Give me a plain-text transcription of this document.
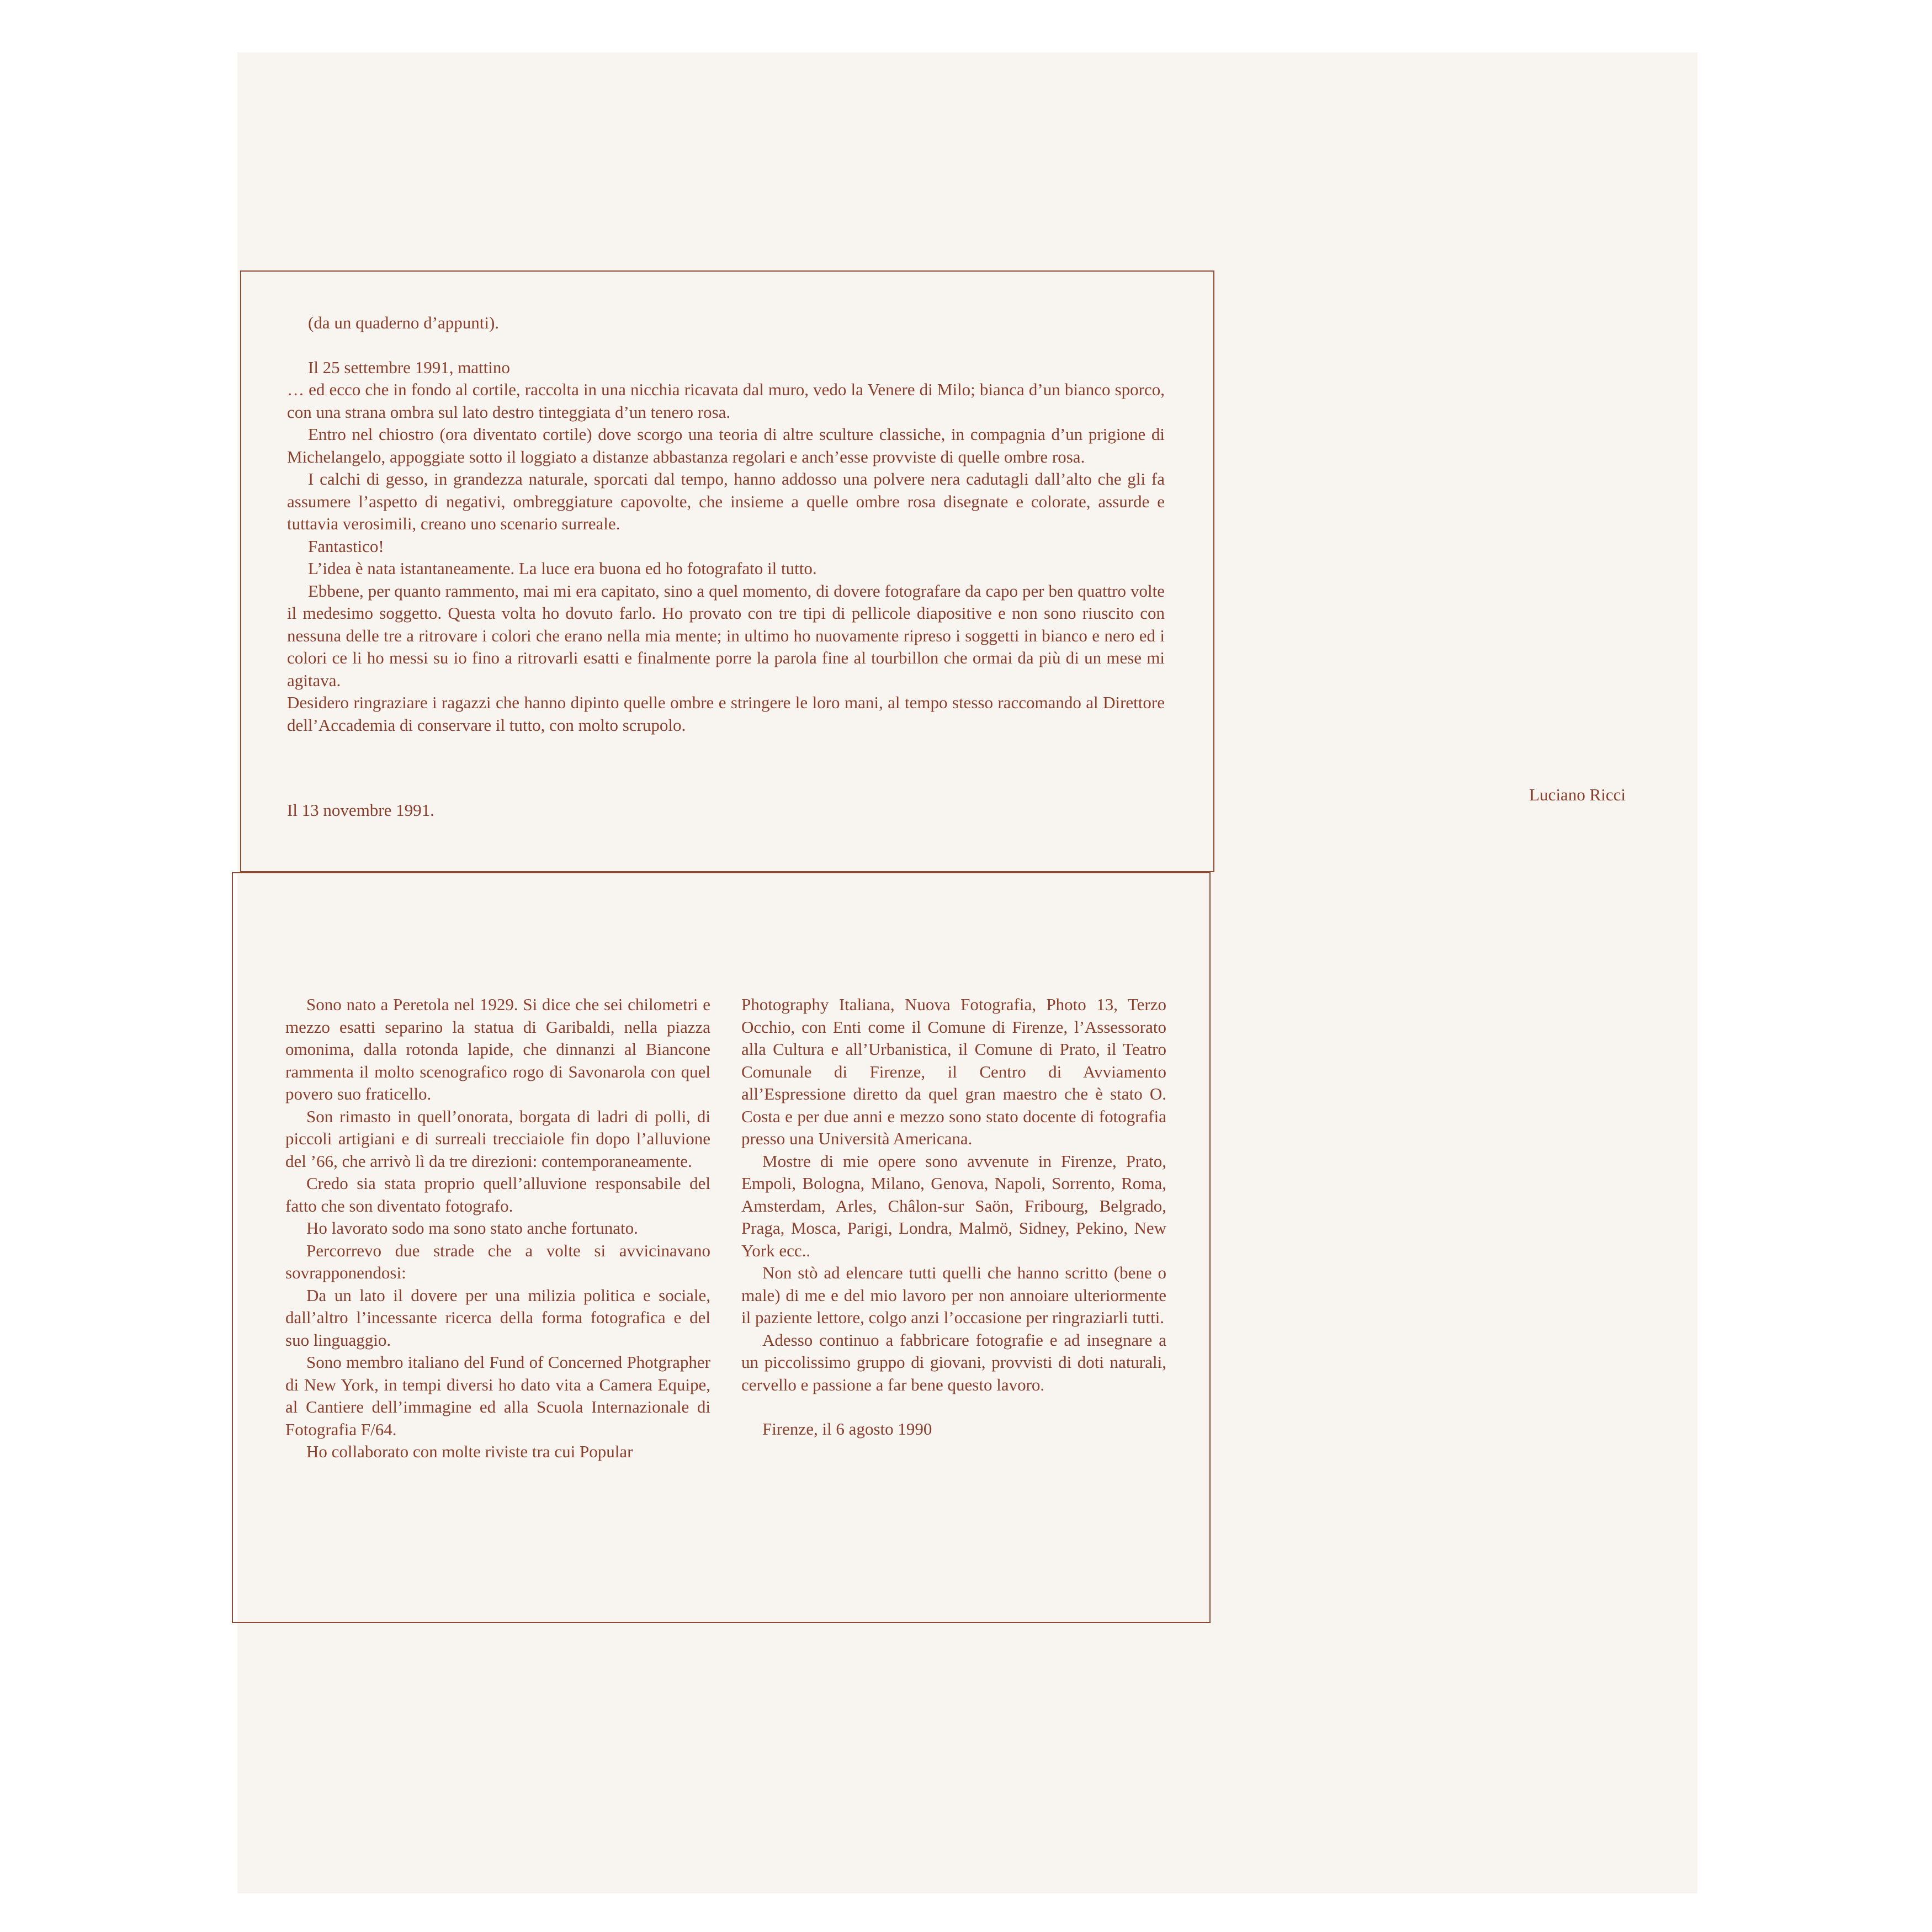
(da un quaderno d’appunti).

Il 25 settembre 1991, mattino

… ed ecco che in fondo al cortile, raccolta in una nicchia ricavata dal muro, vedo la Venere di Milo; bianca d’un bianco sporco, con una strana ombra sul lato destro tinteggiata d’un tenero rosa.

Entro nel chiostro (ora diventato cortile) dove scorgo una teoria di altre sculture classiche, in compagnia d’un prigione di Michelangelo, appoggiate sotto il loggiato a distanze abbastanza regolari e anch’esse provviste di quelle ombre rosa.

I calchi di gesso, in grandezza naturale, sporcati dal tempo, hanno addosso una polvere nera cadutagli dall’alto che gli fa assumere l’aspetto di negativi, ombreggiature capovolte, che insieme a quelle ombre rosa disegnate e colorate, assurde e tuttavia verosimili, creano uno scenario surreale.

Fantastico!

L’idea è nata istantaneamente. La luce era buona ed ho fotografato il tutto.

Ebbene, per quanto rammento, mai mi era capitato, sino a quel momento, di dovere fotografare da capo per ben quattro volte il medesimo soggetto. Questa volta ho dovuto farlo. Ho provato con tre tipi di pellicole diapositive e non sono riuscito con nessuna delle tre a ritrovare i colori che erano nella mia mente; in ultimo ho nuovamente ripreso i soggetti in bianco e nero ed i colori ce li ho messi su io fino a ritrovarli esatti e finalmente porre la parola fine al tourbillon che ormai da più di un mese mi agitava.

Desidero ringraziare i ragazzi che hanno dipinto quelle ombre e stringere le loro mani, al tempo stesso raccomando al Direttore dell’Accademia di conservare il tutto, con molto scrupolo.

Luciano Ricci
Il 13 novembre 1991.

Sono nato a Peretola nel 1929. Si dice che sei chilometri e mezzo esatti separino la statua di Garibaldi, nella piazza omonima, dalla rotonda lapide, che dinnanzi al Biancone rammenta il molto scenografico rogo di Savonarola con quel povero suo fraticello.

Son rimasto in quell’onorata, borgata di ladri di polli, di piccoli artigiani e di surreali trecciaiole fin dopo l’alluvione del ’66, che arrivò lì da tre direzioni: contemporaneamente.

Credo sia stata proprio quell’alluvione responsabile del fatto che son diventato fotografo.

Ho lavorato sodo ma sono stato anche fortunato.

Percorrevo due strade che a volte si avvicinavano sovrapponendosi:

Da un lato il dovere per una milizia politica e sociale, dall’altro l’incessante ricerca della forma fotografica e del suo linguaggio.

Sono membro italiano del Fund of Concerned Photgrapher di New York, in tempi diversi ho dato vita a Camera Equipe, al Cantiere dell’immagine ed alla Scuola Internazionale di Fotografia F/64.

Ho collaborato con molte riviste tra cui Popular

Photography Italiana, Nuova Fotografia, Photo 13, Terzo Occhio, con Enti come il Comune di Firenze, l’Assessorato alla Cultura e all’Urbanistica, il Comune di Prato, il Teatro Comunale di Firenze, il Centro di Avviamento all’Espressione diretto da quel gran maestro che è stato O. Costa e per due anni e mezzo sono stato docente di fotografia presso una Università Americana.

Mostre di mie opere sono avvenute in Firenze, Prato, Empoli, Bologna, Milano, Genova, Napoli, Sorrento, Roma, Amsterdam, Arles, Châlon-sur Saön, Fribourg, Belgrado, Praga, Mosca, Parigi, Londra, Malmö, Sidney, Pekino, New York ecc..

Non stò ad elencare tutti quelli che hanno scritto (bene o male) di me e del mio lavoro per non annoiare ulteriormente il paziente lettore, colgo anzi l’occasione per ringraziarli tutti.

Adesso continuo a fabbricare fotografie e ad insegnare a un piccolissimo gruppo di giovani, provvisti di doti naturali, cervello e passione a far bene questo lavoro.

Firenze, il 6 agosto 1990
